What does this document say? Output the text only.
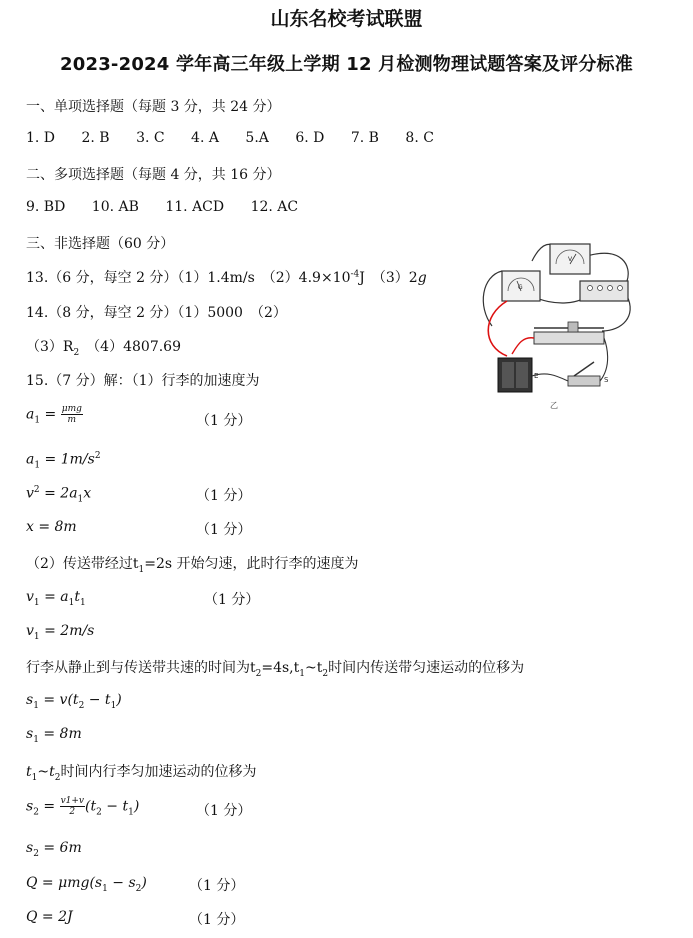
山东名校考试联盟
2023-2024 学年高三年级上学期 12 月检测物理试题答案及评分标准
一、单项选择题（每题 3 分，共 24 分）
1. D 2. B 3. C 4. A 5.A 6. D 7. B 8. C
二、多项选择题（每题 4 分，共 16 分）
9. BD 10. AB 11. ACD 12. AC
三、非选择题（60 分）
13.（6 分，每空 2 分）（1）1.4m/s　$(2)4.9\times 10^{-4}J$　（3）2g
14.（8 分，每空 2 分）（1）5000　（2）
$(3)R_2$　（4）4807.69
15.（7 分）解：（1）行李的加速度为
$a_1 = \frac{\text{μmg}}{m}$	（1 分）
$a_1 = 1m/s^2$
$v^2 = 2a_1x$	（1 分）
x = 8m	（1 分）
（2）传送带经过$t_1=2s$ 开始匀速，此时行李的速度为
$v_1 = a_1t_1$	（1 分）
$v_1 = 2m/s$
行李从静止到与传送带共速的时间为$t_2=4s,t_1\sim t_2$时间内传送带匀速运动的位移为
$s_1 = v(t_2 - t_1)$
$s_1 = 8m$
$t_1\sim t_2$时间内行李匀加速运动的位移为
$s_2 = \frac{v1+v}{2} (t_2 - t_1)$	（1 分）
$s_2 = 6m$
$Q = \mu mg(s_1 - s_2)$	（1 分）
Q = 2J	（1 分）
V
G
E	S
乙
